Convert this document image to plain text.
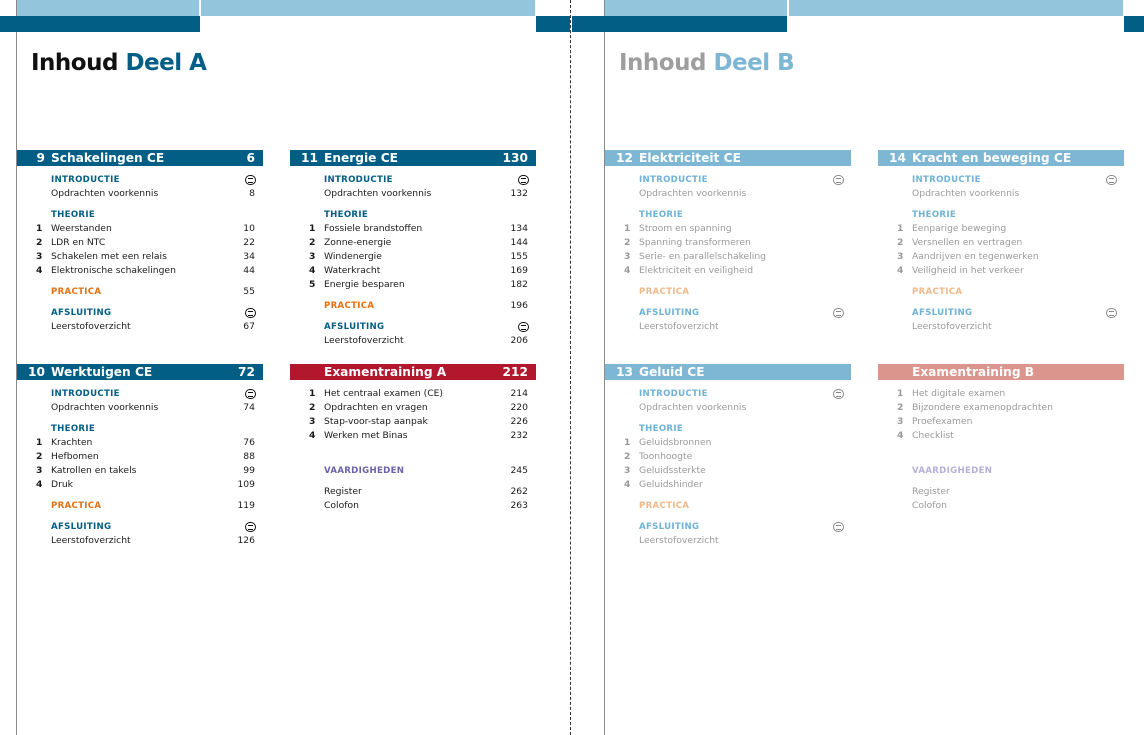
Inhoud Deel A	Inhoud Deel B
9 Schakelingen CE	6
INTRODUCTIE
Opdrachten voorkennis	8
THEORIE
1 Weerstanden	10
2 LDR en NTC	22
3 Schakelen met een relais	34
4 Elektronische schakelingen	44
PRACTICA	55
AFSLUITING
Leerstofoverzicht	67
10 Werktuigen CE	72
INTRODUCTIE
Opdrachten voorkennis	74
THEORIE
1 Krachten	76
2 Hefbomen	88
3 Katrollen en takels	99
4 Druk	109
PRACTICA	119
AFSLUITING
Leerstofoverzicht	126
11 Energie CE	130
INTRODUCTIE
Opdrachten voorkennis	132
THEORIE
1 Fossiele brandstoffen	134
2 Zonne-energie	144
3 Windenergie	155
4 Waterkracht	169
5 Energie besparen	182
PRACTICA	196
AFSLUITING
Leerstofoverzicht	206
Examentraining A	212
1 Het centraal examen (CE)	214
2 Opdrachten en vragen	220
3 Stap-voor-stap aanpak	226
4 Werken met Binas	232
VAARDIGHEDEN	245
Register	262
Colofon	263
12 Elektriciteit CE
INTRODUCTIE
Opdrachten voorkennis
THEORIE
1 Stroom en spanning
2 Spanning transformeren
3 Serie- en parallelschakeling
4 Elektriciteit en veiligheid
PRACTICA
AFSLUITING
Leerstofoverzicht
13 Geluid CE
INTRODUCTIE
Opdrachten voorkennis
THEORIE
1 Geluidsbronnen
2 Toonhoogte
3 Geluidssterkte
4 Geluidshinder
PRACTICA
AFSLUITING
Leerstofoverzicht
14 Kracht en beweging CE
INTRODUCTIE
Opdrachten voorkennis
THEORIE
1 Eenparige beweging
2 Versnellen en vertragen
3 Aandrijven en tegenwerken
4 Veiligheid in het verkeer
PRACTICA
AFSLUITING
Leerstofoverzicht
Examentraining B
1 Het digitale examen
2 Bijzondere examenopdrachten
3 Proefexamen
4 Checklist
VAARDIGHEDEN
Register
Colofon
